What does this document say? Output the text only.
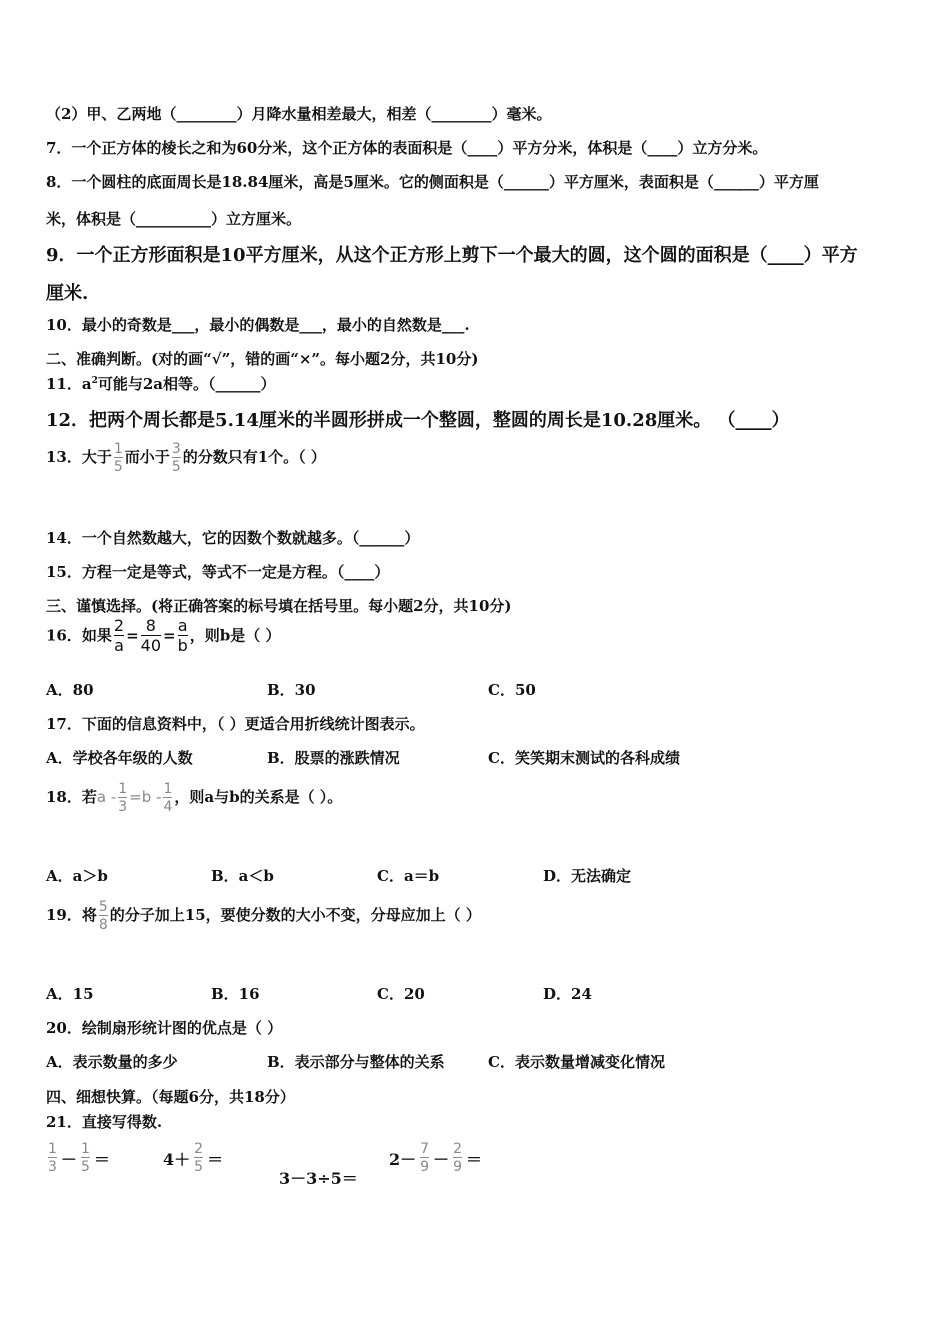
（2）甲、乙两地（________）月降水量相差最大，相差（________）毫米。
7．一个正方体的棱长之和为60分米，这个正方体的表面积是（____）平方分米，体积是（____）立方分米。
8．一个圆柱的底面周长是18.84厘米，高是5厘米。它的侧面积是（______）平方厘米，表面积是（______）平方厘
米，体积是（__________）立方厘米。
9．一个正方形面积是10平方厘米，从这个正方形上剪下一个最大的圆，这个圆的面积是（____）平方
厘米.
10．最小的奇数是___，最小的偶数是___，最小的自然数是___.
二、准确判断。(对的画“√”，错的画“×”。每小题2分，共10分)
11．$a^2$可能与2a相等。（______）
12．把两个周长都是5.14厘米的半圆形拼成一个整圆，整圆的周长是10.28厘米。 （____）
13．大于 $\frac{1}{5}$ 而小于 $\frac{3}{5}$ 的分数只有1个。（ ）
14．一个自然数越大，它的因数个数就越多。（______）
15．方程一定是等式，等式不一定是方程。（____）
三、谨慎选择。(将正确答案的标号填在括号里。每小题2分，共10分)
16．如果 $\frac{2}{a} = \frac{8}{40} = \frac{a}{b}$ ，则b是（ ）
A．80	B．30	C．50
17．下面的信息资料中，（ ）更适合用折线统计图表示。
A．学校各年级的人数	B．股票的涨跌情况	C．笑笑期末测试的各科成绩
18．若$a - \frac{1}{3} =b - \frac{1}{4}$ ，则a与b的关系是（ ）。
A．a＞b	B．a＜b	C．a＝b	D．无法确定
19．将 $\frac{5}{8}$ 的分子加上15，要使分数的大小不变，分母应加上（ ）
A．15	B．16	C．20	D．24
20．绘制扇形统计图的优点是（ ）
A．表示数量的多少	B．表示部分与整体的关系	C．表示数量增减变化情况
四、细想快算。（每题6分，共18分）
21．直接写得数.
$\frac{1}{3} - \frac{1}{5}$ ＝	$4+ \frac{2}{5}$ ＝
3－3÷5＝
$2- \frac{7}{9} - \frac{2}{9}$ ＝
